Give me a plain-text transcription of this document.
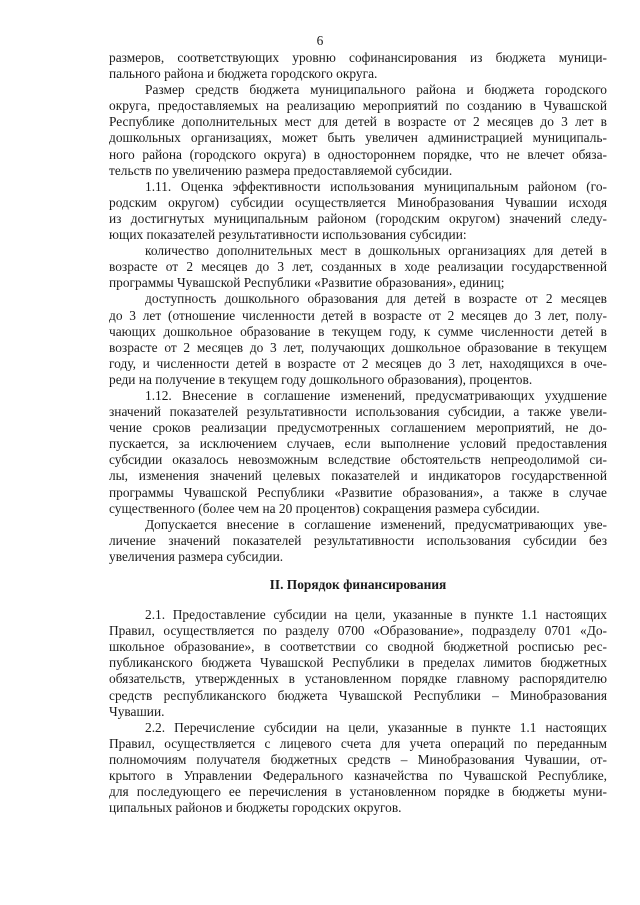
6
размеров, соответствующих уровню софинансирования из бюджета муници-
пального района и бюджета городского округа.
Размер средств бюджета муниципального района и бюджета городского
округа, предоставляемых на реализацию мероприятий по созданию в Чувашской
Республике дополнительных мест для детей в возрасте от 2 месяцев до 3 лет в
дошкольных организациях, может быть увеличен администрацией муниципаль-
ного района (городского округа) в одностороннем порядке, что не влечет обяза-
тельств по увеличению размера предоставляемой субсидии.
1.11. Оценка эффективности использования муниципальным районом (го-
родским округом) субсидии осуществляется Минобразования Чувашии исходя
из достигнутых муниципальным районом (городским округом) значений следу-
ющих показателей результативности использования субсидии:
количество дополнительных мест в дошкольных организациях для детей в
возрасте от 2 месяцев до 3 лет, созданных в ходе реализации государственной
программы Чувашской Республики «Развитие образования», единиц;
доступность дошкольного образования для детей в возрасте от 2 месяцев
до 3 лет (отношение численности детей в возрасте от 2 месяцев до 3 лет, полу-
чающих дошкольное образование в текущем году, к сумме численности детей в
возрасте от 2 месяцев до 3 лет, получающих дошкольное образование в текущем
году, и численности детей в возрасте от 2 месяцев до 3 лет, находящихся в оче-
реди на получение в текущем году дошкольного образования), процентов.
1.12. Внесение в соглашение изменений, предусматривающих ухудшение
значений показателей результативности использования субсидии, а также увели-
чение сроков реализации предусмотренных соглашением мероприятий, не до-
пускается, за исключением случаев, если выполнение условий предоставления
субсидии оказалось невозможным вследствие обстоятельств непреодолимой си-
лы, изменения значений целевых показателей и индикаторов государственной
программы Чувашской Республики «Развитие образования», а также в случае
существенного (более чем на 20 процентов) сокращения размера субсидии.
Допускается внесение в соглашение изменений, предусматривающих уве-
личение значений показателей результативности использования субсидии без
увеличения размера субсидии.
II. Порядок финансирования
2.1. Предоставление субсидии на цели, указанные в пункте 1.1 настоящих
Правил, осуществляется по разделу 0700 «Образование», подразделу 0701 «До-
школьное образование», в соответствии со сводной бюджетной росписью рес-
публиканского бюджета Чувашской Республики в пределах лимитов бюджетных
обязательств, утвержденных в установленном порядке главному распорядителю
средств республиканского бюджета Чувашской Республики – Минобразования
Чувашии.
2.2. Перечисление субсидии на цели, указанные в пункте 1.1 настоящих
Правил, осуществляется с лицевого счета для учета операций по переданным
полномочиям получателя бюджетных средств – Минобразования Чувашии, от-
крытого в Управлении Федерального казначейства по Чувашской Республике,
для последующего ее перечисления в установленном порядке в бюджеты муни-
ципальных районов и бюджеты городских округов.
